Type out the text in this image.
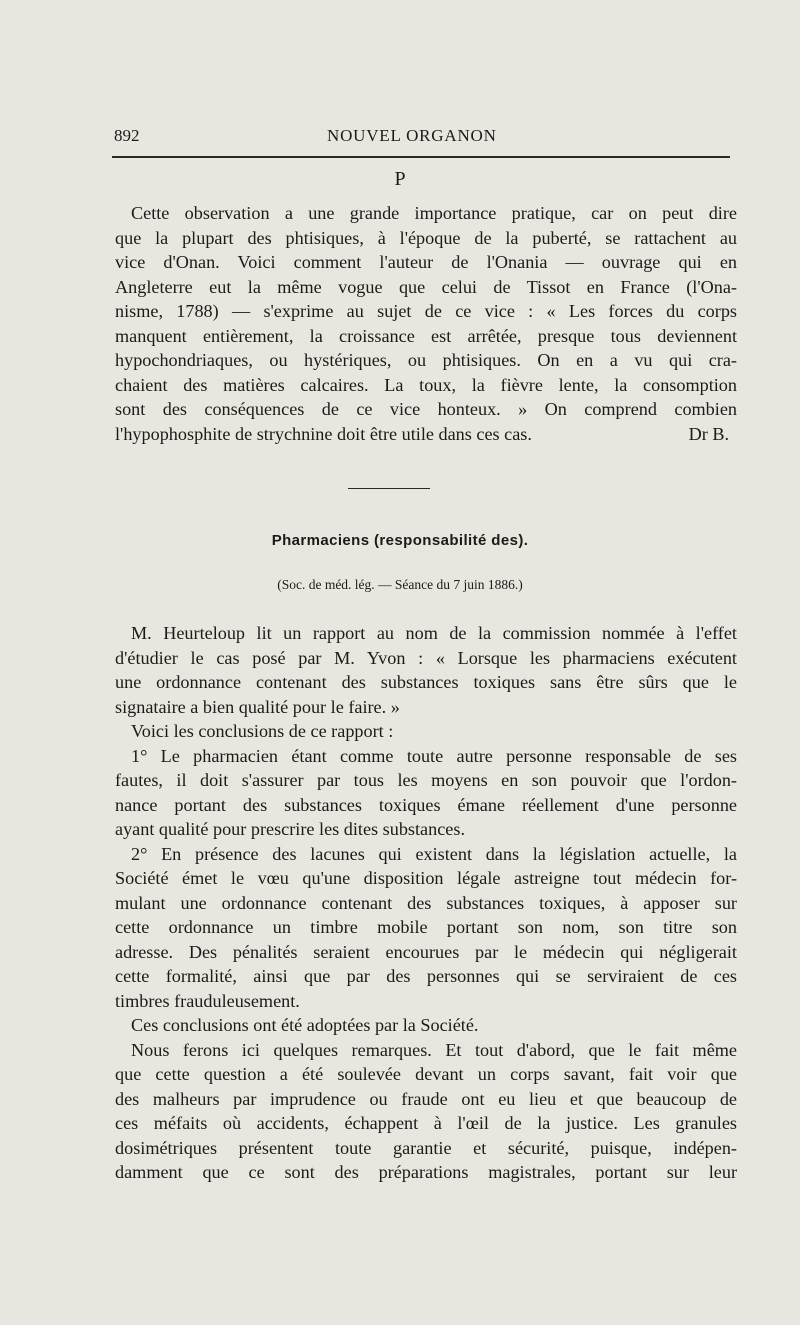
892	NOUVEL ORGANON
P
Cette observation a une grande importance pratique, car on peut dire
que la plupart des phtisiques, à l'époque de la puberté, se rattachent au
vice d'Onan. Voici comment l'auteur de l'Onania — ouvrage qui en
Angleterre eut la même vogue que celui de Tissot en France (l'Ona-
nisme, 1788) — s'exprime au sujet de ce vice : « Les forces du corps
manquent entièrement, la croissance est arrêtée, presque tous deviennent
hypochondriaques, ou hystériques, ou phtisiques. On en a vu qui cra-
chaient des matières calcaires. La toux, la fièvre lente, la consomption
sont des conséquences de ce vice honteux. » On comprend combien
l'hypophosphite de strychnine doit être utile dans ces cas.	Dr B.
Pharmaciens (responsabilité des).
(Soc. de méd. lég. — Séance du 7 juin 1886.)
M. Heurteloup lit un rapport au nom de la commission nommée à l'effet
d'étudier le cas posé par M. Yvon : « Lorsque les pharmaciens exécutent
une ordonnance contenant des substances toxiques sans être sûrs que le
signataire a bien qualité pour le faire. »
Voici les conclusions de ce rapport :
1° Le pharmacien étant comme toute autre personne responsable de ses
fautes, il doit s'assurer par tous les moyens en son pouvoir que l'ordon-
nance portant des substances toxiques émane réellement d'une personne
ayant qualité pour prescrire les dites substances.
2° En présence des lacunes qui existent dans la législation actuelle, la
Société émet le vœu qu'une disposition légale astreigne tout médecin for-
mulant une ordonnance contenant des substances toxiques, à apposer sur
cette ordonnance un timbre mobile portant son nom, son titre son
adresse. Des pénalités seraient encourues par le médecin qui négligerait
cette formalité, ainsi que par des personnes qui se serviraient de ces
timbres frauduleusement.
Ces conclusions ont été adoptées par la Société.
Nous ferons ici quelques remarques. Et tout d'abord, que le fait même
que cette question a été soulevée devant un corps savant, fait voir que
des malheurs par imprudence ou fraude ont eu lieu et que beaucoup de
ces méfaits où accidents, échappent à l'œil de la justice. Les granules
dosimétriques présentent toute garantie et sécurité, puisque, indépen-
damment que ce sont des préparations magistrales, portant sur leur
